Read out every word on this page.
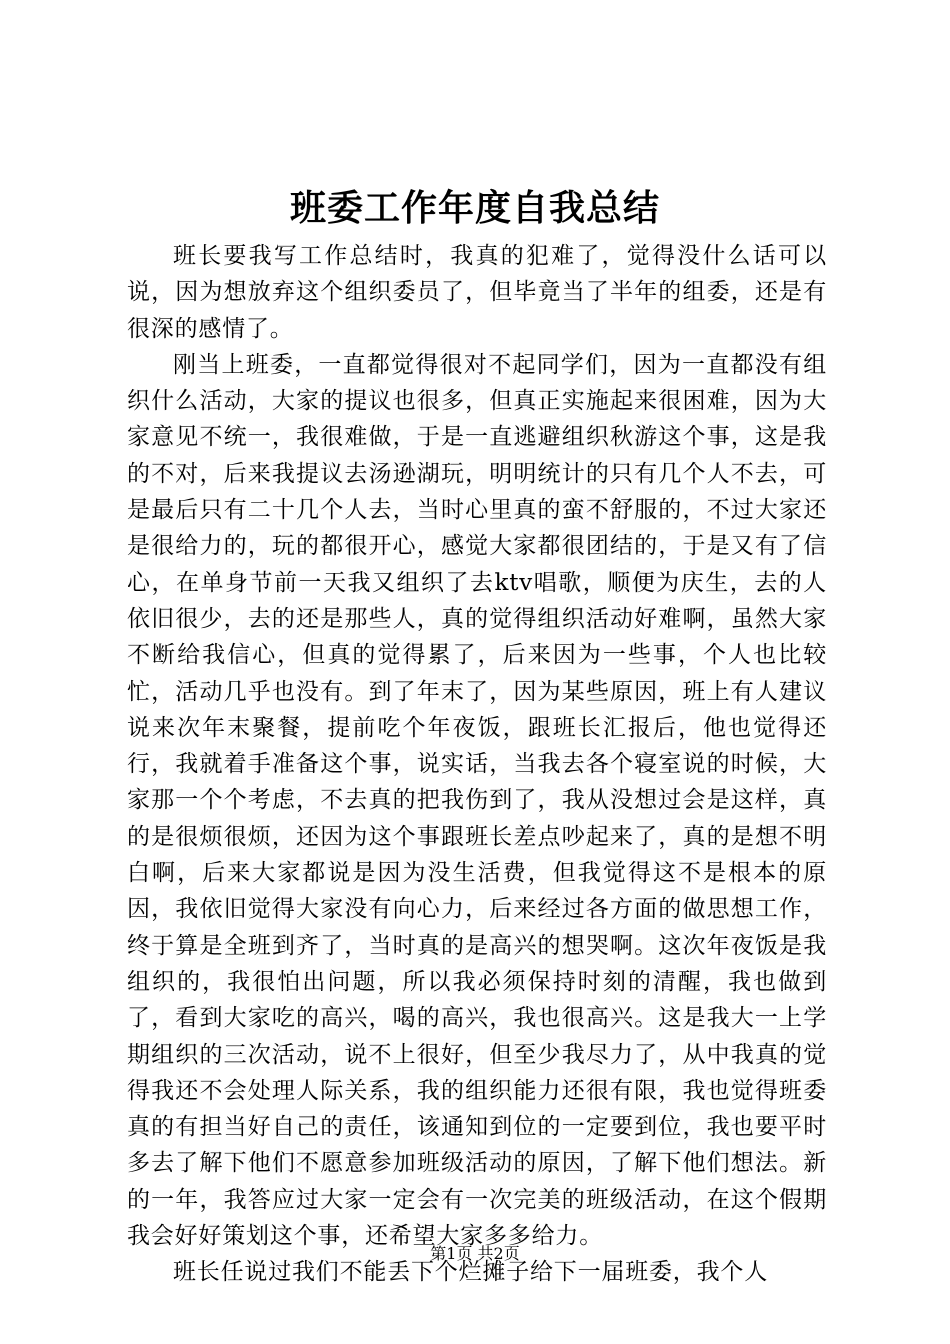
班委工作年度自我总结

班长要我写工作总结时，我真的犯难了，觉得没什么话可以说，因为想放弃这个组织委员了，但毕竟当了半年的组委，还是有很深的感情了。

刚当上班委，一直都觉得很对不起同学们，因为一直都没有组织什么活动，大家的提议也很多，但真正实施起来很困难，因为大家意见不统一，我很难做，于是一直逃避组织秋游这个事，这是我的不对，后来我提议去汤逊湖玩，明明统计的只有几个人不去，可是最后只有二十几个人去，当时心里真的蛮不舒服的，不过大家还是很给力的，玩的都很开心，感觉大家都很团结的，于是又有了信心，在单身节前一天我又组织了去ktv唱歌，顺便为庆生，去的人依旧很少，去的还是那些人，真的觉得组织活动好难啊，虽然大家不断给我信心，但真的觉得累了，后来因为一些事，个人也比较忙，活动几乎也没有。到了年末了，因为某些原因，班上有人建议说来次年末聚餐，提前吃个年夜饭，跟班长汇报后，他也觉得还行，我就着手准备这个事，说实话，当我去各个寝室说的时候，大家那一个个考虑，不去真的把我伤到了，我从没想过会是这样，真的是很烦很烦，还因为这个事跟班长差点吵起来了，真的是想不明白啊，后来大家都说是因为没生活费，但我觉得这不是根本的原因，我依旧觉得大家没有向心力，后来经过各方面的做思想工作，终于算是全班到齐了，当时真的是高兴的想哭啊。这次年夜饭是我组织的，我很怕出问题，所以我必须保持时刻的清醒，我也做到了，看到大家吃的高兴，喝的高兴，我也很高兴。这是我大一上学期组织的三次活动，说不上很好，但至少我尽力了，从中我真的觉得我还不会处理人际关系，我的组织能力还很有限，我也觉得班委真的有担当好自己的责任，该通知到位的一定要到位，我也要平时多去了解下他们不愿意参加班级活动的原因，了解下他们想法。新的一年，我答应过大家一定会有一次完美的班级活动，在这个假期我会好好策划这个事，还希望大家多多给力。

班长任说过我们不能丢下个烂摊子给下一届班委，我个人

第1页 共2页
